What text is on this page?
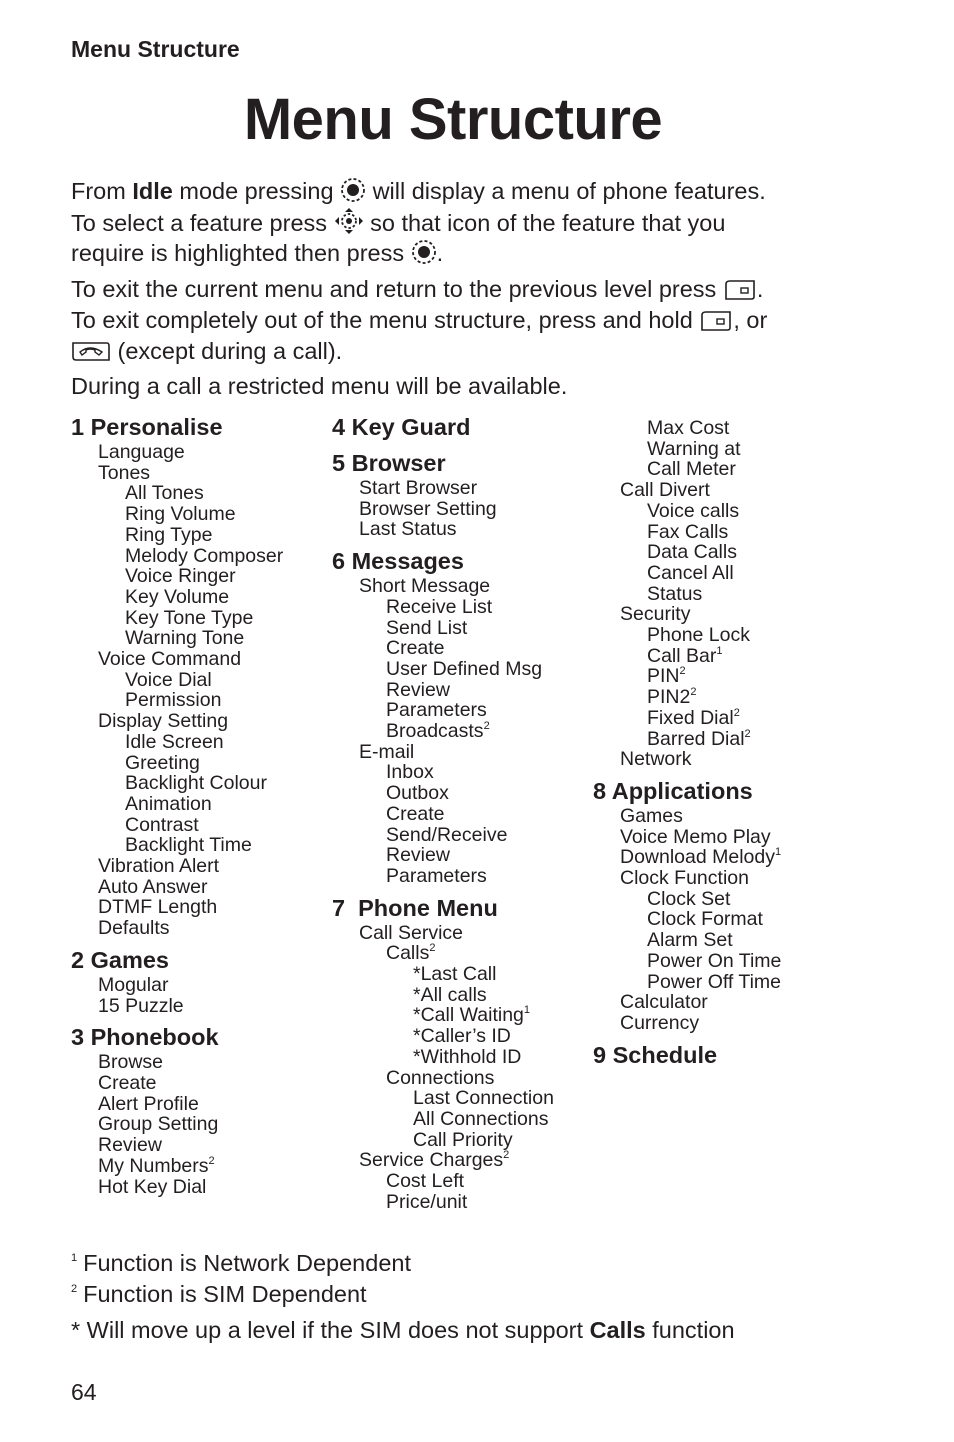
Menu Structure
Menu Structure
From Idle mode pressing  will display a menu of phone features.
To select a feature press  so that icon of the feature that you
require is highlighted then press .
To exit the current menu and return to the previous level press .
To exit completely out of the menu structure, press and hold , or
(except during a call).
During a call a restricted menu will be available.
1 Personalise
Language
Tones
All Tones
Ring Volume
Ring Type
Melody Composer
Voice Ringer
Key Volume
Key Tone Type
Warning Tone
Voice Command
Voice Dial
Permission
Display Setting
Idle Screen
Greeting
Backlight Colour
Animation
Contrast
Backlight Time
Vibration Alert
Auto Answer
DTMF Length
Defaults
2 Games
Mogular
15 Puzzle
3 Phonebook
Browse
Create
Alert Profile
Group Setting
Review
My Numbers$^2$
Hot Key Dial
4 Key Guard
5 Browser
Start Browser
Browser Setting
Last Status
6 Messages
Short Message
Receive List
Send List
Create
User Defined Msg
Review
Parameters
Broadcasts$^2$
E-mail
Inbox
Outbox
Create
Send/Receive
Review
Parameters
7  Phone Menu
Call Service
Calls$^2$
*Last Call
*All calls
*Call Waiting$^1$
*Caller’s ID
*Withhold ID
Connections
Last Connection
All Connections
Call Priority
Service Charges$^2$
Cost Left
Price/unit
Max Cost
Warning at
Call Meter
Call Divert
Voice calls
Fax Calls
Data Calls
Cancel All
Status
Security
Phone Lock
Call Bar$^1$
PIN$^2$
$PIN2^2$
Fixed Dial$^2$
Barred Dial$^2$
Network
8 Applications
Games
Voice Memo Play
Download Melody$^1$
Clock Function
Clock Set
Clock Format
Alarm Set
Power On Time
Power Off Time
Calculator
Currency
9 Schedule
$^1$ Function is Network Dependent
$^2$ Function is SIM Dependent
* Will move up a level if the SIM does not support Calls function
64
